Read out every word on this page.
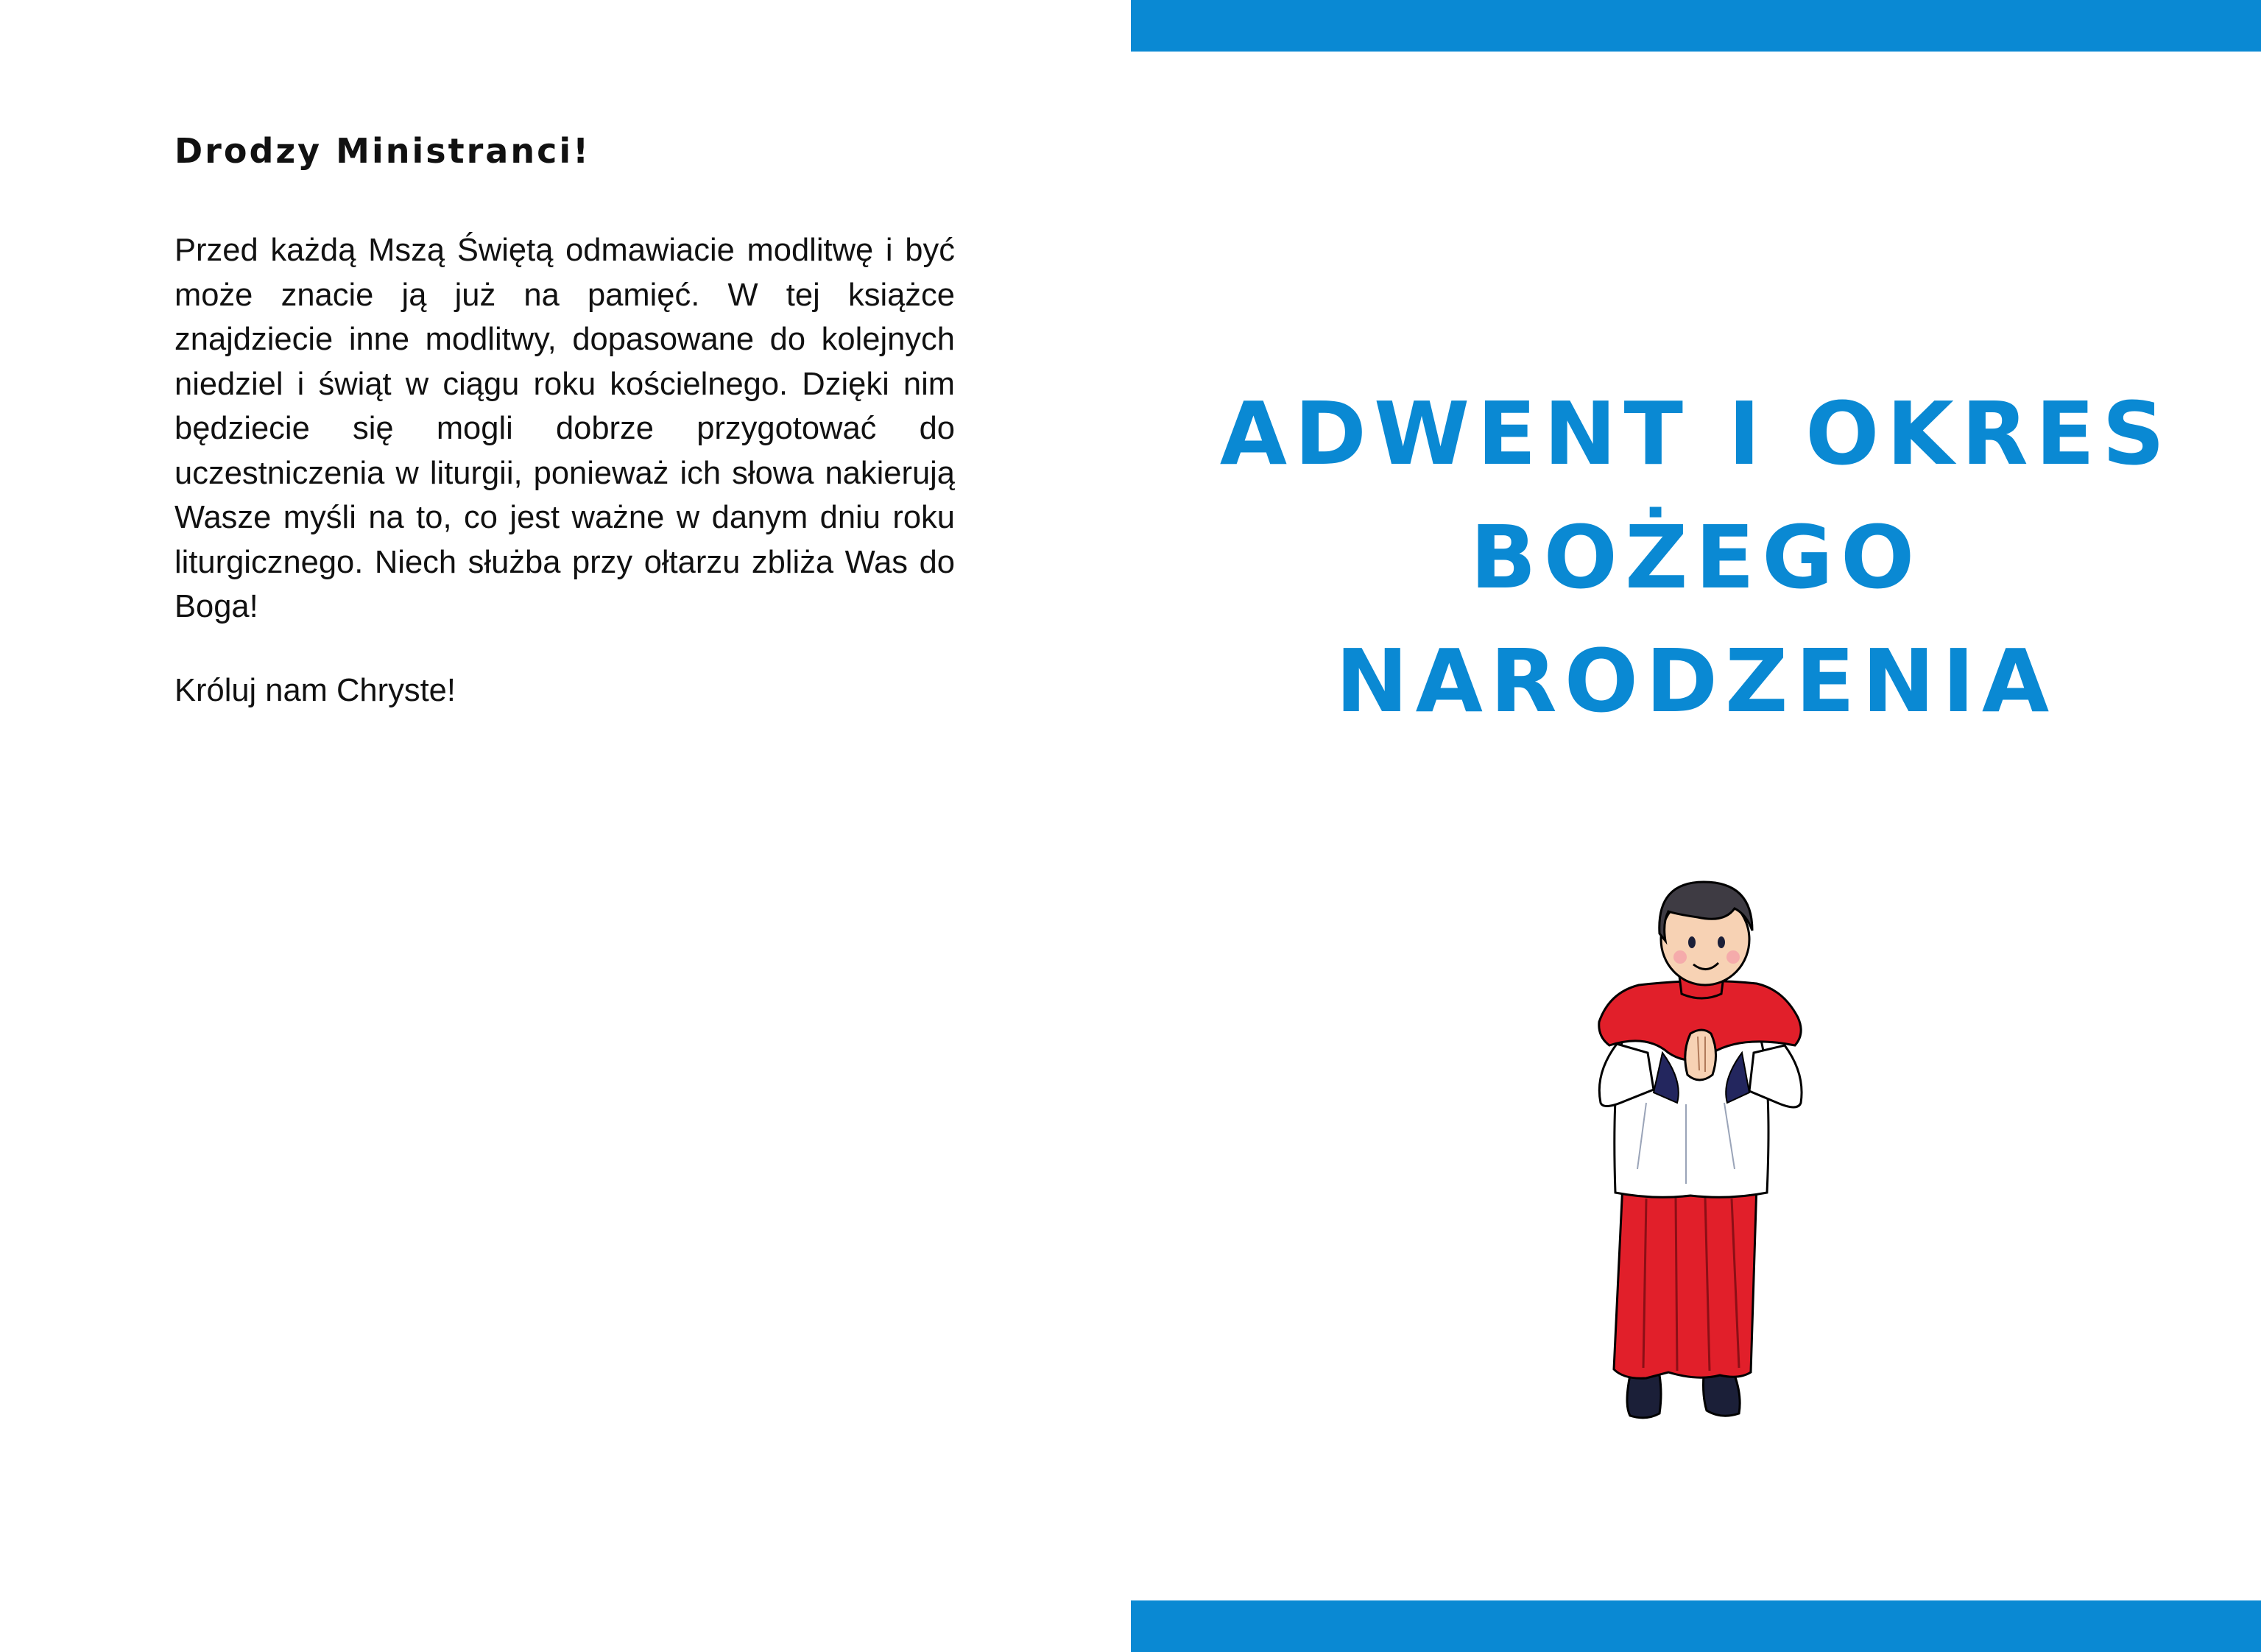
Drodzy Ministranci!

Przed każdą Mszą Świętą odmawiacie modlitwę i być może znacie ją już na pamięć. W tej książce znajdziecie inne modlitwy, dopasowane do kolejnych niedziel i świąt w ciągu roku kościelnego. Dzięki nim będziecie się mogli dobrze przygotować do uczestniczenia w liturgii, ponieważ ich słowa nakierują Wasze myśli na to, co jest ważne w danym dniu roku liturgicznego. Niech służba przy ołtarzu zbliża Was do Boga!

Króluj nam Chryste!

ADWENT I OKRES
BOŻEGO NARODZENIA
